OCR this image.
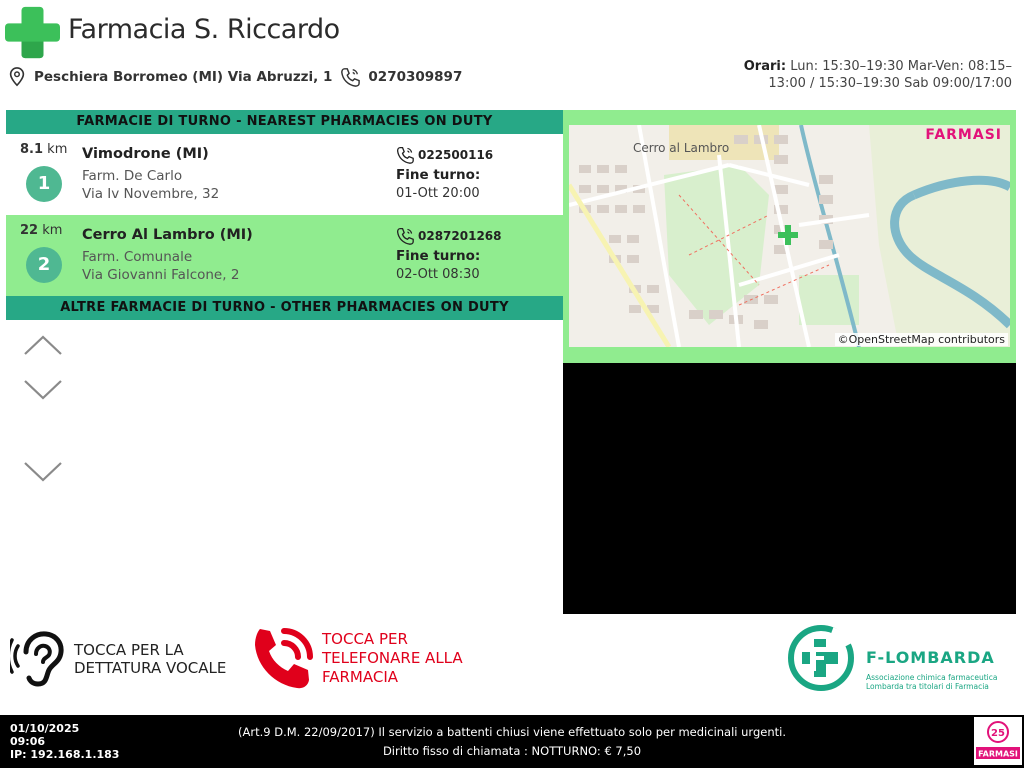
Farmacia S. Riccardo
Peschiera Borromeo (MI) Via Abruzzi, 1	0270309897
Orari: Lun: 15:30–19:30 Mar-Ven: 08:15–13:00 / 15:30–19:30 Sab 09:00/17:00
FARMACIE DI TURNO - NEAREST PHARMACIES ON DUTY
8.1 km
1
Vimodrone (MI)
Farm. De Carlo
Via Iv Novembre, 32
022500116
Fine turno:
01-Ott 20:00
22 km
2
Cerro Al Lambro (MI)
Farm. Comunale
Via Giovanni Falcone, 2
0287201268
Fine turno:
02-Ott 08:30
ALTRE FARMACIE DI TURNO - OTHER PHARMACIES ON DUTY
FARMASI
Cerro al Lambro
©OpenStreetMap contributors
TOCCA PER LA DETTATURA VOCALE
TOCCA PER TELEFONARE ALLA FARMACIA
F-LOMBARDA
Associazione chimica farmaceutica Lombarda tra titolari di Farmacia
01/10/2025
09:06
IP: 192.168.1.183
(Art.9 D.M. 22/09/2017) Il servizio a battenti chiusi viene effettuato solo per medicinali urgenti.
Diritto fisso di chiamata : NOTTURNO: € 7,50
25
FARMASI
